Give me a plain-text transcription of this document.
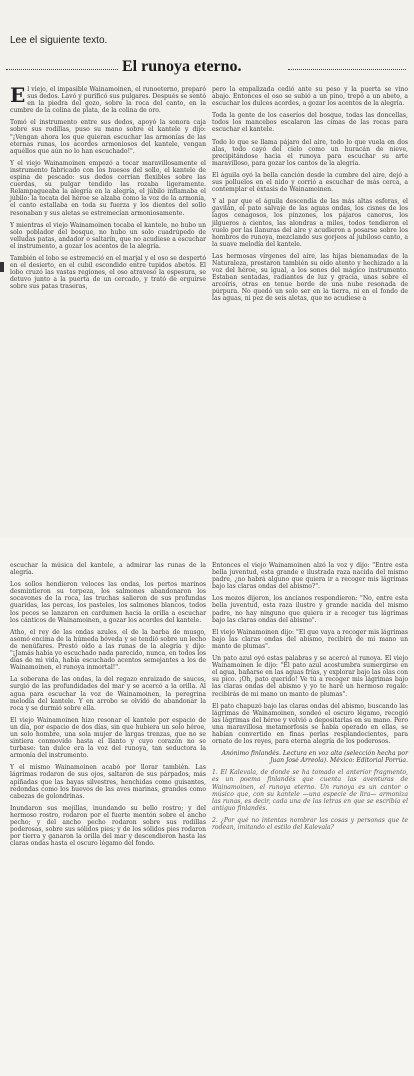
Lee el siguiente texto.
El runoya eterno.

El viejo, el impasible Wainamoinen, el runoeterno, preparó sus dedos. Lavó y purificó sus pulgares. Después se sentó en la piedra del gozo, sobre la roca del canto, en la cumbre de la colina de plata, de la colina de oro.

Tomó el instrumento entre sus dedos, apoyó la sonora caja sobre sus rodillas, puso su mano sobre el kantele y dijo: "¡Vengan ahora los que quieran escuchar las armonías de las eternas runas, los acordes armoniosos del kantele, vengan aquéllos que aún no lo han escuchado!".

Y el viejo Wainamoinen empezó a tocar maravillosamente el instrumento fabricado con los huesos del sollo, el kantele de espina de pescado: sus dedos corrían flexibles sobre las cuerdas, su pulgar tendido las rozaba ligeramente. Relampagueaba la alegría en la alegría, el júbilo inflamaba el júbilo: la tocata del héroe se alzaba como la voz de la armonía, el canto estallaba en toda su fuerza y los dientes del sollo resonaban y sus aletas se estremecían armoniosamente.

Y mientras el viejo Wainamoinen tocaba el kantele, no hubo un solo poblador del bosque, no hubo un solo cuadrúpedo de velludas patas, andador o saltarín, que no acudiese a escuchar el instrumento, a gozar los acentos de la alegría.

También el lobo se estremeció en el marjal y el oso se despertó en el desierto, en el cubil escondido entre tupidos abetos. El lobo cruzó las vastas regiones, el oso atravesó la espesura, se detuvo junto a la puerta de un cercado, y trató de erguirse sobre sus patas traseras,

pero la empalizada cedió ante su peso y la puerta se vino abajo. Entonces el oso se subió a un pino, trepó a un abeto, a escuchar los dulces acordes, a gozar los acentos de la alegría.

Toda la gente de los caseríos del bosque, todas las doncellas, todos los mancebos escalaron las cimas de las rocas para escuchar el kantele.

Todo lo que se llama pájaro del aire, todo lo que vuela en dos alas, todo cayó del cielo como un huracán de nieve, precipitándose hacia el runoya para escuchar su arte maravilloso, para gozar los cantos de la alegría.

El águila oyó la bella canción desde la cumbre del aire, dejó a sus polluelos en el nido y corrió a escuchar de más cerca, a contemplar el éxtasis de Wainamoinen.

Y al par que el águila descendía de las más altas esferas, el gavilán, el pato salvaje de las aguas ondas, los cisnes de los lagos cenagosos, los pinzones, los pájaros canoros, los jilgueros a cientos, las alondras a miles, todos tendieron el vuelo por las llanuras del aire y acudieron a posarse sobre los hombros de runoya, mezclando sus gorjeos al jubiloso canto, a la suave melodía del kantele.

Las hermosas vírgenes del aire, las hijas bienamadas de la Naturaleza, prestaron también su oído atento y hechizado a la voz del héroe, su igual, a los sones del mágico instrumento. Estaban sentadas, radiantes de luz y gracia, unas sobre el arcoíris, otras en tenue borde de una nube resonada de púrpura. No quedó un solo ser en la tierra, ni en el fondo de las aguas, ni pez de seis aletas, que no acudiese a

escuchar la música del kantele, a admirar las runas de la alegría.

Los sollos hendieron veloces las ondas, los pertos marinos desmintieron su torpeza, los salmones abandonaron los socavones de la roca, las truchas salieron de sus profundas guaridas, las percas, los pasteles, los salmones blancos, todos los peces se lanzaron en cardumen hacia la orilla a escuchar los cánticos de Wainamoinen, a gozar los acordes del kantele.

Atho, el rey de las ondas azules, el de la barba de musgo, asomó encima de la húmeda bóveda y se tendió sobre un lecho de nenúfares. Prestó oído a las runas de la alegría y dijo: "¡Jamás había yo escuchado nada parecido, nunca, en todos los días de mi vida, había escuchado acentos semejantes a los de Wainamoinen, el runoya inmortal!".

La soberana de las ondas, la del regazo enraizado de sauces, surgió de las profundidades del mar y se acercó a la orilla. Al agua para escuchar la voz de Wainamoinen, la peregrina melodía del kantele. Y en arrobo se olvidó de abandonar la roca y se durmió sobre ella.

El viejo Wainamoinen hizo resonar el kantele por espacio de un día, por espacio de dos días, sin que hubiera un solo héroe, un solo hombre, una sola mujer de largas trenzas, que no se sintiera conmovido hasta el llanto y cuyo corazón no se turbase: tan dulce era la voz del runoya, tan seductora la armonía del instrumento.

Y el mismo Wainamoinen acabó por llorar también. Las lágrimas rodaron de sus ojos, saltaron de sus párpados, más apiñadas que las bayas silvestres, henchidas como guisantes, redondas como los huevos de las aves marinas, grandes como cabezas de golondrinas.

Inundaron sus mejillas, inundando su bello rostro; y del hermoso rostro, rodaron por el fuerte mentón sobre el ancho pecho; y del ancho pecho rodaron sobre sus rodillas poderosas, sobre sus sólidos pies; y de los sólidos pies rodaron por tierra y ganaron la orilla del mar y descendieron hasta las claras ondas hasta el oscuro légamo del fondo.

Entonces el viejo Wainamoinen alzó la voz y dijo: "Entre esta bella juventud, esta grande e ilustrada raza nacida del mismo padre, ¿no habrá alguno que quiera ir a recoger mis lágrimas bajo las claras ondas del abismo?".

Los mozos dijeron, los ancianos respondieron: "No, entre esta bella juventud, esta raza ilustre y grande nacida del mismo padre, no hay ninguno que quiera ir a recoger tus lágrimas bajo las claras ondas del abismo".

El viejo Wainamoinen dijo: "El que vaya a recoger mis lágrimas bajo las claras ondas del abismo, recibirá de mi mano un manto de plumas".

Un pato azul oyó estas palabras y se acercó al runoya. El viejo Wainamoinen le dijo: "El pato azul acostumbra sumergirse en el agua, bañarse en las aguas frías, y explorar bajo las olas con su pico. ¡Oh, pato querido! Ve tú a recoger mis lágrimas bajo las claras ondas del abismo y yo te haré un hermoso regalo: recibirás de mi mano un manto de plumas".

El pato chapuzó bajo las claras ondas del abismo, buscando las lágrimas de Wainamoinen, sondeó el oscuro légamo, recogió las lágrimas del héroe y volvió a depositarlas en su mano. Pero una maravillosa metamorfosis se había operado en ellas, se habían convertido en finas perlas resplandecientes, para ornato de los reyes, para eterna alegría de los poderosos.

Anónimo finlandés. Lectura en voz alta (selección hecha por Juan José Arreola). México: Editorial Porrúa.

1. El Kalevala, de donde se ha tomado el anterior fragmento, es un poema finlandés que cuenta las aventuras de Wainamoinen, el runoya eterno. Un runoya es un cantor o músico que, con su kantele —una especie de lira— armoniza las runas, es decir, cada una de las letras en que se escribía el antiguo finlandés.

2. ¿Por qué no intentas nombrar las cosas y personas que te rodean, imitando el estilo del Kalevala?
